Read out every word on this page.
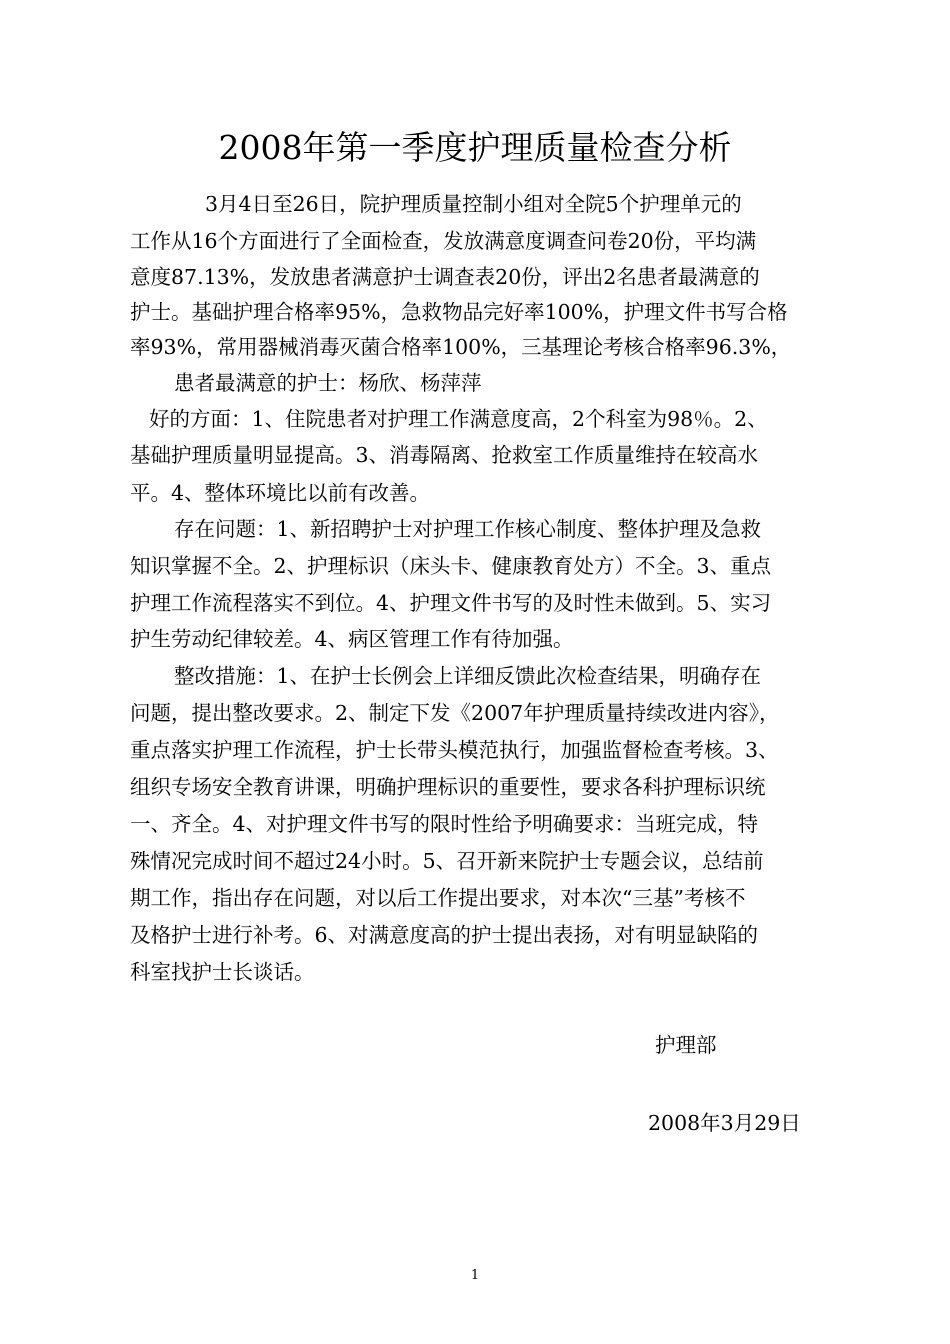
2008年第一季度护理质量检查分析
3月4日至26日，院护理质量控制小组对全院5个护理单元的
工作从16个方面进行了全面检查，发放满意度调查问卷20份，平均满
意度87.13%，发放患者满意护士调查表20份，评出2名患者最满意的
护士。基础护理合格率95%，急救物品完好率100%，护理文件书写合格
率93%，常用器械消毒灭菌合格率100%，三基理论考核合格率96.3%，
患者最满意的护士：杨欣、杨萍萍
好的方面：1、住院患者对护理工作满意度高，2个科室为98％。2、
基础护理质量明显提高。3、消毒隔离、抢救室工作质量维持在较高水
平。4、整体环境比以前有改善。
存在问题：1、新招聘护士对护理工作核心制度、整体护理及急救
知识掌握不全。2、护理标识（床头卡、健康教育处方）不全。3、重点
护理工作流程落实不到位。4、护理文件书写的及时性未做到。5、实习
护生劳动纪律较差。4、病区管理工作有待加强。
整改措施：1、在护士长例会上详细反馈此次检查结果，明确存在
问题，提出整改要求。2、制定下发《2007年护理质量持续改进内容》，
重点落实护理工作流程，护士长带头模范执行，加强监督检查考核。3、
组织专场安全教育讲课，明确护理标识的重要性，要求各科护理标识统
一、齐全。4、对护理文件书写的限时性给予明确要求：当班完成，特
殊情况完成时间不超过24小时。5、召开新来院护士专题会议，总结前
期工作，指出存在问题，对以后工作提出要求，对本次“三基”考核不
及格护士进行补考。6、对满意度高的护士提出表扬，对有明显缺陷的
科室找护士长谈话。
护理部
2008年3月29日
1
